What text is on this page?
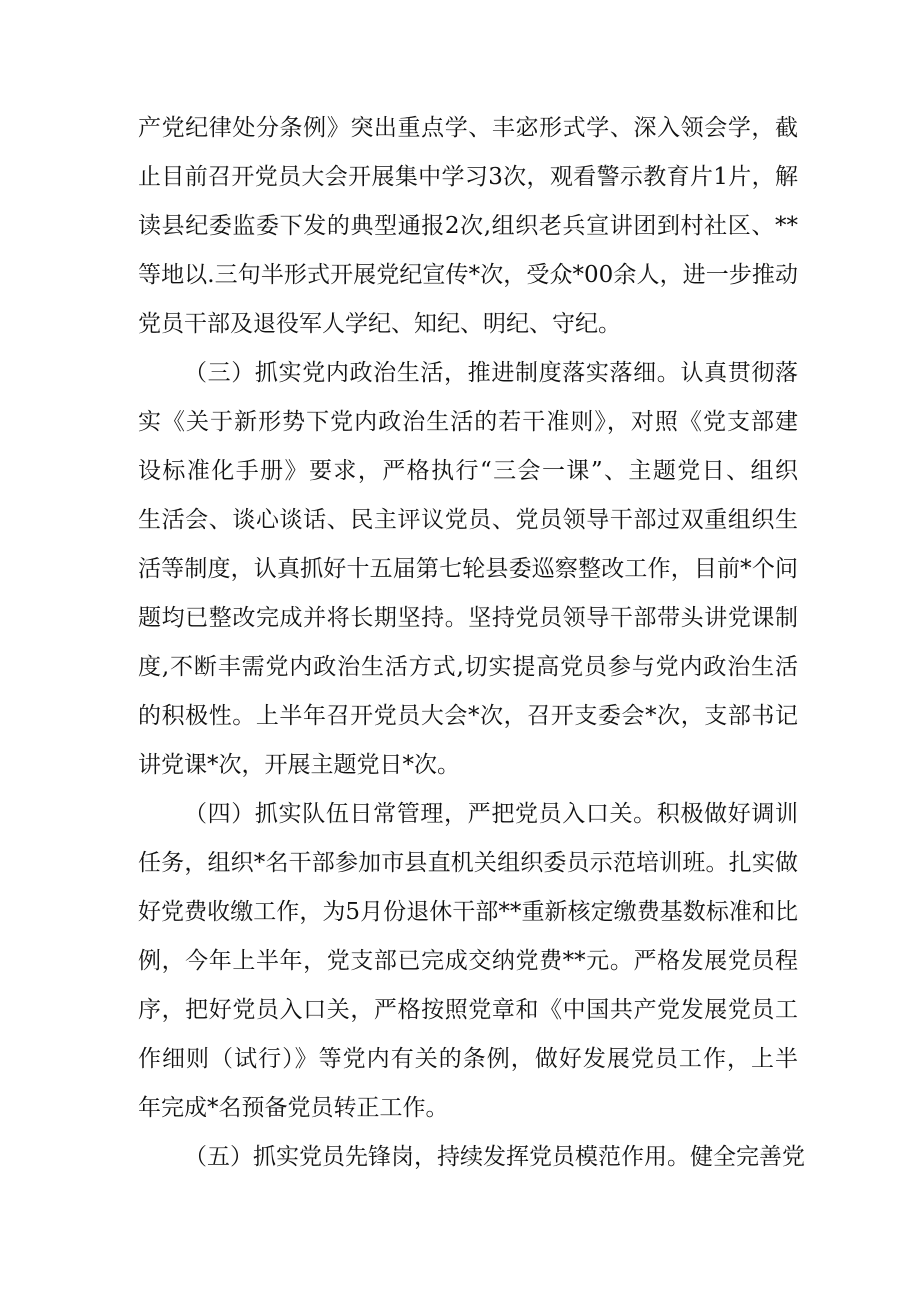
产党纪律处分条例》突出重点学、丰宓形式学、深入领会学，截
止目前召开党员大会开展集中学习3次，观看警示教育片1片，解
读县纪委监委下发的典型通报2次,组织老兵宣讲团到村社区、**
等地以.三句半形式开展党纪宣传*次，受众*00余人，进一步推动
党员干部及退役军人学纪、知纪、明纪、守纪。
（三）抓实党内政治生活，推进制度落实落细。认真贯彻落
实《关于新形势下党内政治生活的若干准则》，对照《党支部建
设标准化手册》要求，严格执行“三会一课”、主题党日、组织
生活会、谈心谈话、民主评议党员、党员领导干部过双重组织生
活等制度，认真抓好十五届第七轮县委巡察整改工作，目前*个问
题均已整改完成并将长期坚持。坚持党员领导干部带头讲党课制
度,不断丰需党内政治生活方式,切实提高党员参与党内政治生活
的积极性。上半年召开党员大会*次，召开支委会*次，支部书记
讲党课*次，开展主题党日*次。
（四）抓实队伍日常管理，严把党员入口关。积极做好调训
任务，组织*名干部参加市县直机关组织委员示范培训班。扎实做
好党费收缴工作，为5月份退休干部**重新核定缴费基数标准和比
例，今年上半年，党支部已完成交纳党费**元。严格发展党员程
序，把好党员入口关，严格按照党章和《中国共产党发展党员工
作细则（试行）》等党内有关的条例，做好发展党员工作，上半
年完成*名预备党员转正工作。
（五）抓实党员先锋岗，持续发挥党员模范作用。健全完善党
